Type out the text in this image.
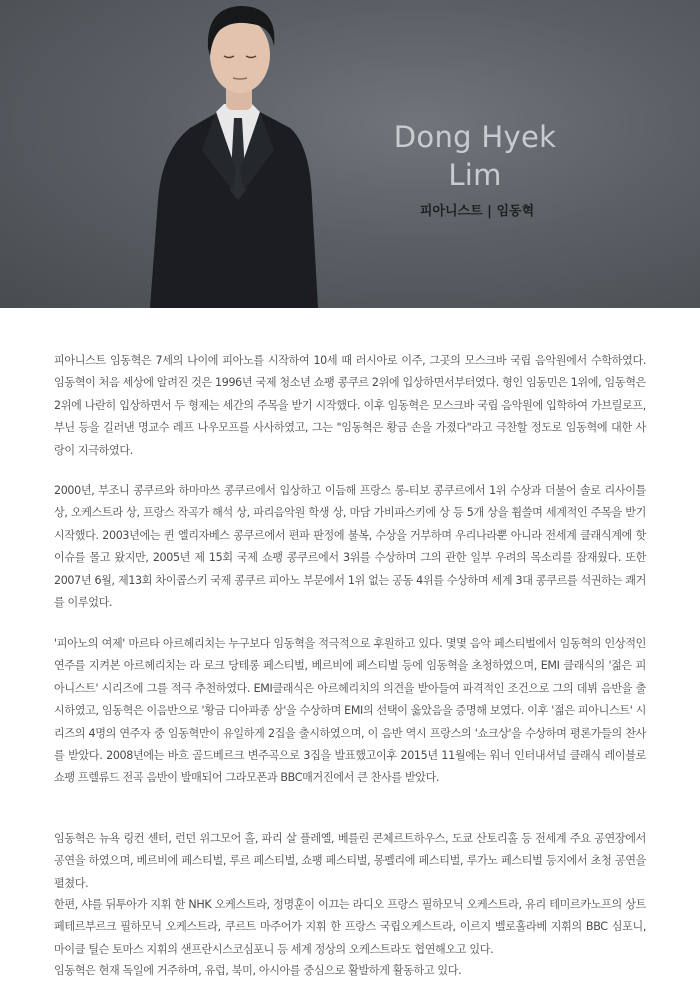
Dong Hyek
Lim
피아니스트 | 임동혁

피아니스트 임동혁은 7세의 나이에 피아노를 시작하여 10세 때 러시아로 이주, 그곳의 모스크바 국립 음악원에서 수학하였다. 임동혁이 처음 세상에 알려진 것은 1996년 국제 청소년 쇼팽 콩쿠르 2위에 입상하면서부터였다. 형인 임동민은 1위에, 임동혁은 2위에 나란히 입상하면서 두 형제는 세간의 주목을 받기 시작했다. 이후 임동혁은 모스크바 국립 음악원에 입학하여 가브릴로프, 부닌 등을 길러낸 명교수 레프 나우모프를 사사하였고, 그는 "임동혁은 황금 손을 가졌다"라고 극찬할 정도로 임동혁에 대한 사랑이 지극하였다.

2000년, 부조니 콩쿠르와 하마마쓰 콩쿠르에서 입상하고 이듬해 프랑스 롱-티보 콩쿠르에서 1위 수상과 더불어 솔로 리사이틀 상, 오케스트라 상, 프랑스 작곡가 해석 상, 파리음악원 학생 상, 마담 가비파스키에 상 등 5개 상을 휩쓸며 세계적인 주목을 받기 시작했다. 2003년에는 퀸 엘리자베스 콩쿠르에서 편파 판정에 불복, 수상을 거부하며 우리나라뿐 아니라 전세계 클래식계에 핫 이슈를 몰고 왔지만, 2005년 제 15회 국제 쇼팽 콩쿠르에서 3위를 수상하며 그의 관한 일부 우려의 목소리를 잠재웠다. 또한 2007년 6월, 제13회 차이콥스키 국제 콩쿠르 피아노 부문에서 1위 없는 공동 4위를 수상하며 세계 3대 콩쿠르를 석권하는 쾌거를 이루었다.

'피아노의 여제' 마르타 아르헤리치는 누구보다 임동혁을 적극적으로 후원하고 있다. 몇몇 음악 페스티벌에서 임동혁의 인상적인 연주를 지켜본 아르헤리치는 라 로크 당테롱 페스티벌, 베르비에 페스티벌 등에 임동혁을 초청하였으며, EMI 클래식의 '젊은 피아니스트' 시리즈에 그를 적극 추천하였다. EMI클래식은 아르헤리치의 의견을 받아들여 파격적인 조건으로 그의 데뷔 음반을 출시하였고, 임동혁은 이음반으로 '황금 디아파종 상'을 수상하며 EMI의 선택이 옳았음을 증명해 보였다. 이후 '젊은 피아니스트' 시리즈의 4명의 연주자 중 임동혁만이 유일하게 2집을 출시하였으며, 이 음반 역시 프랑스의 '쇼크상'을 수상하며 평론가들의 찬사를 받았다. 2008년에는 바흐 골드베르크 변주곡으로 3집을 발표했고이후 2015년 11월에는 워너 인터내셔널 클래식 레이블로 쇼팽 프렐류드 전곡 음반이 발매되어 그라모폰과 BBC매거진에서 큰 찬사를 받았다.

임동혁은 뉴욕 링컨 센터, 런던 위그모어 홀, 파리 살 플레옐, 베를린 콘체르트하우스, 도쿄 산토리홀 등 전세계 주요 공연장에서 공연을 하였으며, 베르비에 페스티벌, 루르 페스티벌, 쇼팽 페스티벌, 몽펠리에 페스티벌, 루가노 페스티벌 등지에서 초청 공연을 펼쳤다.

한편, 샤를 뒤투아가 지휘 한 NHK 오케스트라, 정명훈이 이끄는 라디오 프랑스 필하모닉 오케스트라, 유리 테미르카노프의 상트페테르부르크 필하모닉 오케스트라, 쿠르트 마주어가 지휘 한 프랑스 국립오케스트라, 이르지 벨로훌라베 지휘의 BBC 심포니, 마이클 틸슨 토마스 지휘의 샌프란시스코심포니 등 세계 정상의 오케스트라도 협연해오고 있다.

임동혁은 현재 독일에 거주하며, 유럽, 북미, 아시아를 중심으로 활발하게 활동하고 있다.
